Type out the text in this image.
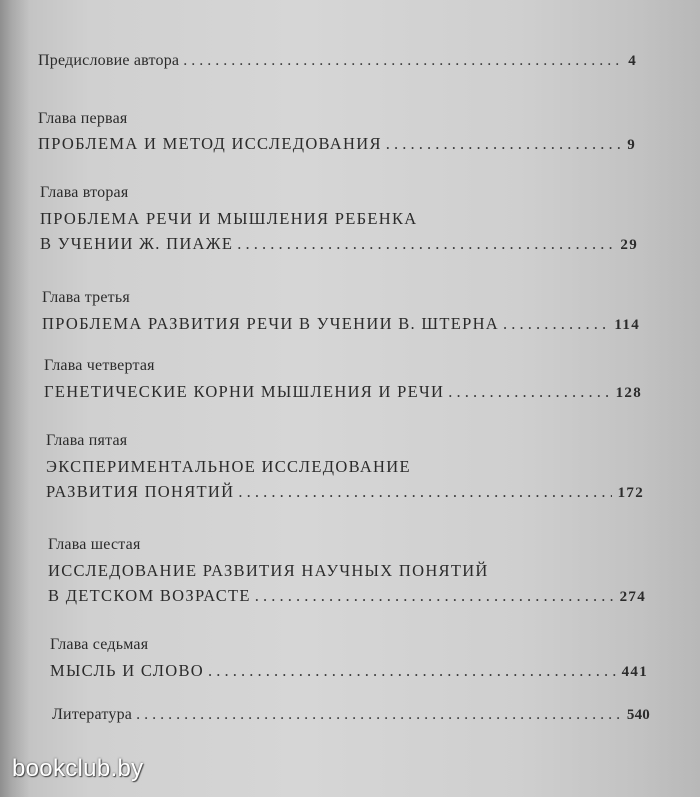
Предисловие автора . . .	4
Глава первая
ПРОБЛЕМА И МЕТОД ИССЛЕДОВАНИЯ . . .	9
Глава вторая
ПРОБЛЕМА РЕЧИ И МЫШЛЕНИЯ РЕБЕНКА
В УЧЕНИИ Ж. ПИАЖЕ . . .	29
Глава третья
ПРОБЛЕМА РАЗВИТИЯ РЕЧИ В УЧЕНИИ В. ШТЕРНА . . .	114
Глава четвертая
ГЕНЕТИЧЕСКИЕ КОРНИ МЫШЛЕНИЯ И РЕЧИ . . .	128
Глава пятая
ЭКСПЕРИМЕНТАЛЬНОЕ ИССЛЕДОВАНИЕ
РАЗВИТИЯ ПОНЯТИЙ . . .	172
Глава шестая
ИССЛЕДОВАНИЕ РАЗВИТИЯ НАУЧНЫХ ПОНЯТИЙ
В ДЕТСКОМ ВОЗРАСТЕ . . .	274
Глава седьмая
МЫСЛЬ И СЛОВО . . .	441
Литература . . .	540
bookclub.by
